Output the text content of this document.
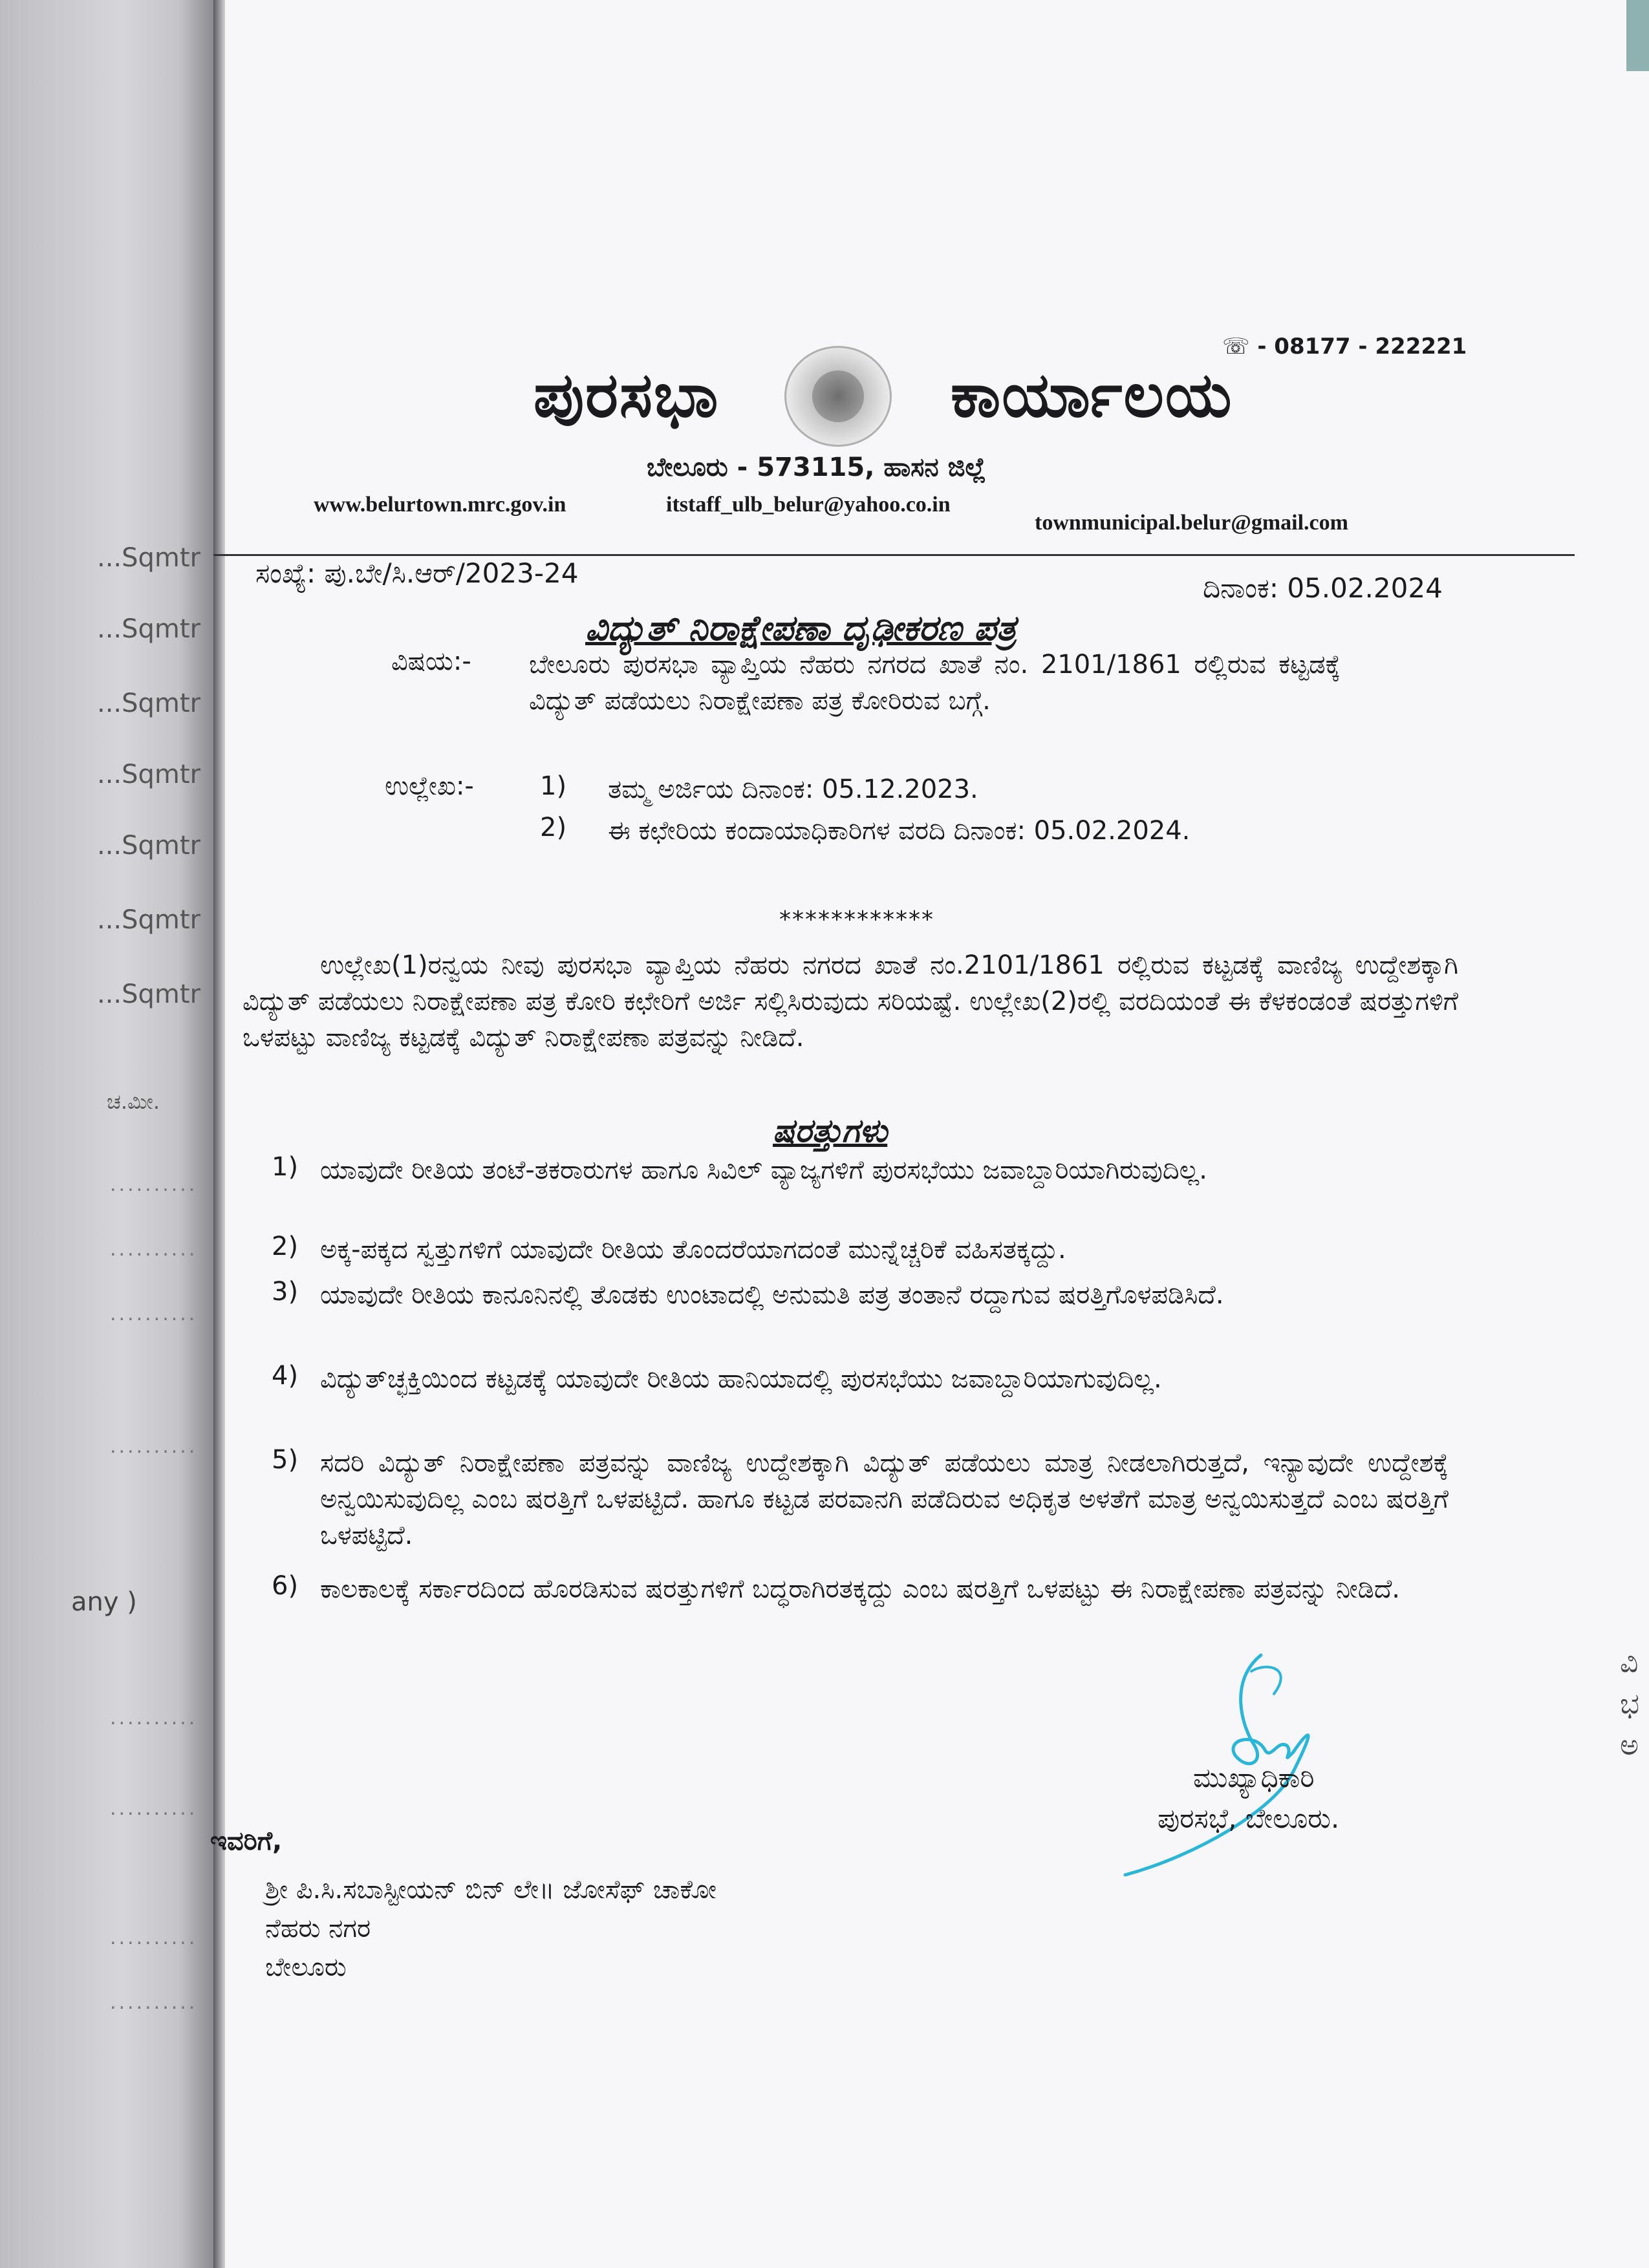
...Sqmtr
...Sqmtr
...Sqmtr
...Sqmtr
...Sqmtr
...Sqmtr
...Sqmtr
ಚ.ಮೀ.
any )
..........
..........
..........
..........
..........
..........
..........
..........
☏ - 08177 - 222221
ಪುರಸಭಾ	ಕಾರ್ಯಾಲಯ
ಬೇಲೂರು - 573115, ಹಾಸನ ಜಿಲ್ಲೆ
www.belurtown.mrc.gov.in	itstaff_ulb_belur@yahoo.co.in
townmunicipal.belur@gmail.com
ಸಂಖ್ಯೆ: ಪು.ಬೇ/ಸಿ.ಆರ್/2023-24	ದಿನಾಂಕ: 05.02.2024
ವಿದ್ಯುತ್ ನಿರಾಕ್ಷೇಪಣಾ ದೃಢೀಕರಣ ಪತ್ರ
ವಿಷಯ:- ಬೇಲೂರು ಪುರಸಭಾ ವ್ಯಾಪ್ತಿಯ ನೆಹರು ನಗರದ ಖಾತೆ ನಂ. 2101/1861 ರಲ್ಲಿರುವ ಕಟ್ಟಡಕ್ಕೆ ವಿದ್ಯುತ್ ಪಡೆಯಲು ನಿರಾಕ್ಷೇಪಣಾ ಪತ್ರ ಕೋರಿರುವ ಬಗ್ಗೆ.
ಉಲ್ಲೇಖ:-	1) ತಮ್ಮ ಅರ್ಜಿಯ ದಿನಾಂಕ: 05.12.2023.
2) ಈ ಕಛೇರಿಯ ಕಂದಾಯಾಧಿಕಾರಿಗಳ ವರದಿ ದಿನಾಂಕ: 05.02.2024.
************
ಉಲ್ಲೇಖ(1)ರನ್ವಯ ನೀವು ಪುರಸಭಾ ವ್ಯಾಪ್ತಿಯ ನೆಹರು ನಗರದ ಖಾತೆ ನಂ.2101/1861 ರಲ್ಲಿರುವ ಕಟ್ಟಡಕ್ಕೆ ವಾಣಿಜ್ಯ ಉದ್ದೇಶಕ್ಕಾಗಿ ವಿದ್ಯುತ್ ಪಡೆಯಲು ನಿರಾಕ್ಷೇಪಣಾ ಪತ್ರ ಕೋರಿ ಕಛೇರಿಗೆ ಅರ್ಜಿ ಸಲ್ಲಿಸಿರುವುದು ಸರಿಯಷ್ಟೆ. ಉಲ್ಲೇಖ(2)ರಲ್ಲಿ ವರದಿಯಂತೆ ಈ ಕೆಳಕಂಡಂತೆ ಷರತ್ತುಗಳಿಗೆ ಒಳಪಟ್ಟು ವಾಣಿಜ್ಯ ಕಟ್ಟಡಕ್ಕೆ ವಿದ್ಯುತ್ ನಿರಾಕ್ಷೇಪಣಾ ಪತ್ರವನ್ನು ನೀಡಿದೆ.
ಷರತ್ತುಗಳು
1) ಯಾವುದೇ ರೀತಿಯ ತಂಟೆ-ತಕರಾರುಗಳ ಹಾಗೂ ಸಿವಿಲ್ ವ್ಯಾಜ್ಯಗಳಿಗೆ ಪುರಸಭೆಯು ಜವಾಬ್ದಾರಿಯಾಗಿರುವುದಿಲ್ಲ.
2) ಅಕ್ಕ-ಪಕ್ಕದ ಸ್ವತ್ತುಗಳಿಗೆ ಯಾವುದೇ ರೀತಿಯ ತೊಂದರೆಯಾಗದಂತೆ ಮುನ್ನೆಚ್ಚರಿಕೆ ವಹಿಸತಕ್ಕದ್ದು.
3) ಯಾವುದೇ ರೀತಿಯ ಕಾನೂನಿನಲ್ಲಿ ತೊಡಕು ಉಂಟಾದಲ್ಲಿ ಅನುಮತಿ ಪತ್ರ ತಂತಾನೆ ರದ್ದಾಗುವ ಷರತ್ತಿಗೊಳಪಡಿಸಿದೆ.
4) ವಿದ್ಯುತ್‌ಚ್ಛಕ್ತಿಯಿಂದ ಕಟ್ಟಡಕ್ಕೆ ಯಾವುದೇ ರೀತಿಯ ಹಾನಿಯಾದಲ್ಲಿ ಪುರಸಭೆಯು ಜವಾಬ್ದಾರಿಯಾಗುವುದಿಲ್ಲ.
5) ಸದರಿ ವಿದ್ಯುತ್ ನಿರಾಕ್ಷೇಪಣಾ ಪತ್ರವನ್ನು ವಾಣಿಜ್ಯ ಉದ್ದೇಶಕ್ಕಾಗಿ ವಿದ್ಯುತ್ ಪಡೆಯಲು ಮಾತ್ರ ನೀಡಲಾಗಿರುತ್ತದೆ, ಇನ್ಯಾವುದೇ ಉದ್ದೇಶಕ್ಕೆ ಅನ್ವಯಿಸುವುದಿಲ್ಲ ಎಂಬ ಷರತ್ತಿಗೆ ಒಳಪಟ್ಟಿದೆ. ಹಾಗೂ ಕಟ್ಟಡ ಪರವಾನಗಿ ಪಡೆದಿರುವ ಅಧಿಕೃತ ಅಳತೆಗೆ ಮಾತ್ರ ಅನ್ವಯಿಸುತ್ತದೆ ಎಂಬ ಷರತ್ತಿಗೆ ಒಳಪಟ್ಟಿದೆ.
6) ಕಾಲಕಾಲಕ್ಕೆ ಸರ್ಕಾರದಿಂದ ಹೊರಡಿಸುವ ಷರತ್ತುಗಳಿಗೆ ಬದ್ಧರಾಗಿರತಕ್ಕದ್ದು ಎಂಬ ಷರತ್ತಿಗೆ ಒಳಪಟ್ಟು ಈ ನಿರಾಕ್ಷೇಪಣಾ ಪತ್ರವನ್ನು ನೀಡಿದೆ.
ಮುಖ್ಯಾಧಿಕಾರಿ
ಪುರಸಭೆ, ಬೇಲೂರು.
ಇವರಿಗೆ,
ಶ್ರೀ ಪಿ.ಸಿ.ಸಬಾಸ್ಟೀಯನ್ ಬಿನ್ ಲೇ॥ ಜೋಸೆಫ್ ಚಾಕೋ
ನೆಹರು ನಗರ
ಬೇಲೂರು
ವಿ
ಭ
ಅ
